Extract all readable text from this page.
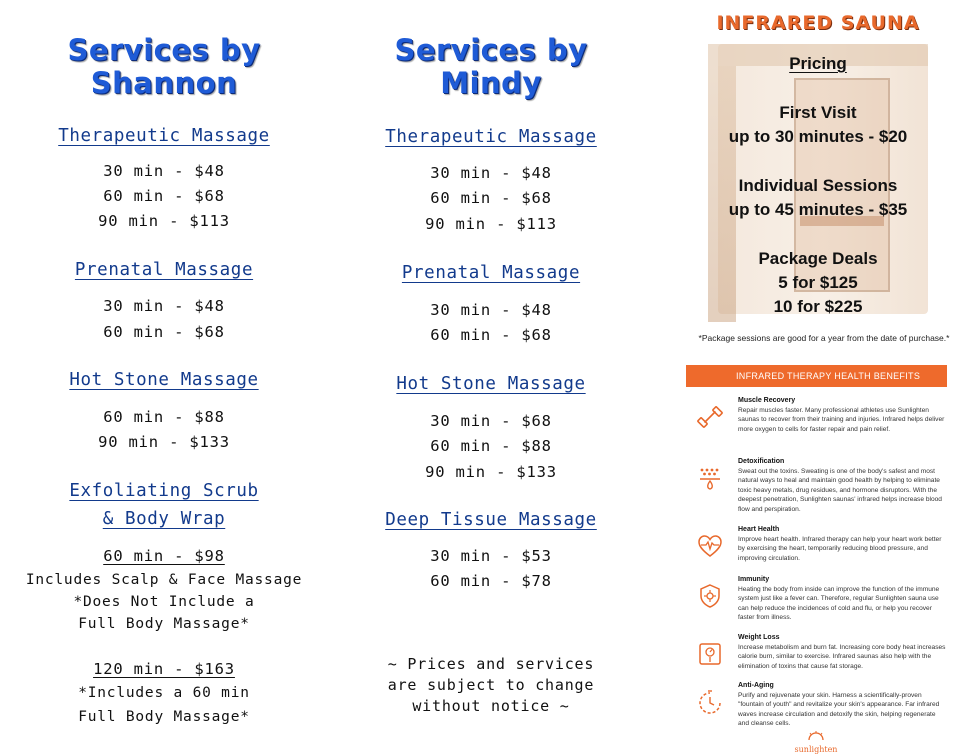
Services by
Shannon
Therapeutic Massage
30 min - $48
60 min - $68
90 min - $113
Prenatal Massage
30 min - $48
60 min - $68
Hot Stone Massage
60 min - $88
90 min - $133
Exfoliating Scrub
& Body Wrap
60 min - $98
Includes Scalp & Face Massage
*Does Not Include a
Full Body Massage*
120 min - $163
*Includes a 60 min
Full Body Massage*
Services by
Mindy
Therapeutic Massage
30 min - $48
60 min - $68
90 min - $113
Prenatal Massage
30 min - $48
60 min - $68
Hot Stone Massage
30 min - $68
60 min - $88
90 min - $133
Deep Tissue Massage
30 min - $53
60 min - $78
~ Prices and services
are subject to change
without notice ~
INFRARED SAUNA
Pricing
First Visit
up to 30 minutes - $20
Individual Sessions
up to 45 minutes - $35
Package Deals
5 for $125
10 for $225
*Package sessions are good for a year from the date of purchase.*
INFRARED THERAPY HEALTH BENEFITS
Muscle Recovery
Repair muscles faster. Many professional athletes use Sunlighten saunas to recover from their training and injuries. Infrared helps deliver more oxygen to cells for faster repair and pain relief.
Detoxification
Sweat out the toxins. Sweating is one of the body's safest and most natural ways to heal and maintain good health by helping to eliminate toxic heavy metals, drug residues, and hormone disruptors. With the deepest penetration, Sunlighten saunas' infrared helps increase blood flow and perspiration.
Heart Health
Improve heart health. Infrared therapy can help your heart work better by exercising the heart, temporarily reducing blood pressure, and improving circulation.
Immunity
Heating the body from inside can improve the function of the immune system just like a fever can. Therefore, regular Sunlighten sauna use can help reduce the incidences of cold and flu, or help you recover faster from illness.
Weight Loss
Increase metabolism and burn fat. Increasing core body heat increases calorie burn, similar to exercise. Infrared saunas also help with the elimination of toxins that cause fat storage.
Anti-Aging
Purify and rejuvenate your skin. Harness a scientifically-proven "fountain of youth" and revitalize your skin's appearance. Far infrared waves increase circulation and detoxify the skin, helping regenerate and cleanse cells.
sunlighten
